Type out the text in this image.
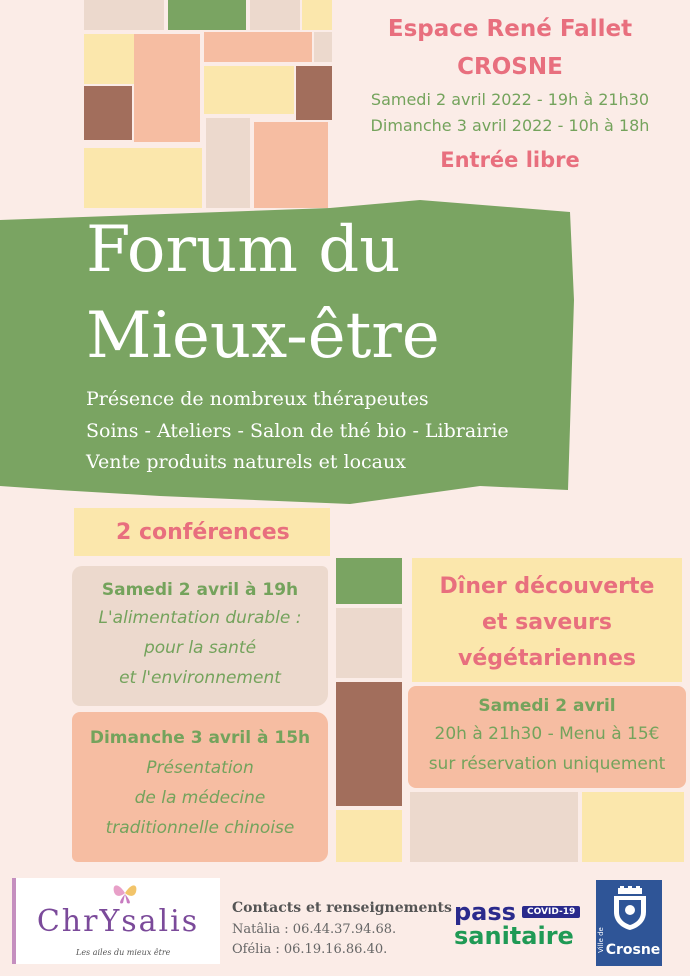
Espace René Fallet
CROSNE
Samedi 2 avril 2022 - 19h à 21h30
Dimanche 3 avril 2022 - 10h à 18h
Entrée libre
Forum du
Mieux-être
Présence de nombreux thérapeutes
Soins - Ateliers - Salon de thé bio - Librairie
Vente produits naturels et locaux
2 conférences
Samedi 2 avril à 19h
L'alimentation durable :
pour la santé
et l'environnement
Dimanche 3 avril à 15h
Présentation
de la médecine
traditionnelle chinoise
Dîner découverte
et saveurs
végétariennes
Samedi 2 avril
20h à 21h30 - Menu à 15€
sur réservation uniquement
ChrYsalis
Les ailes du mieux être
Contacts et renseignements
Natâlia : 06.44.37.94.68.
Ofélia : 06.19.16.86.40.
pass	COVID-19
sanitaire	Ville de Crosne
